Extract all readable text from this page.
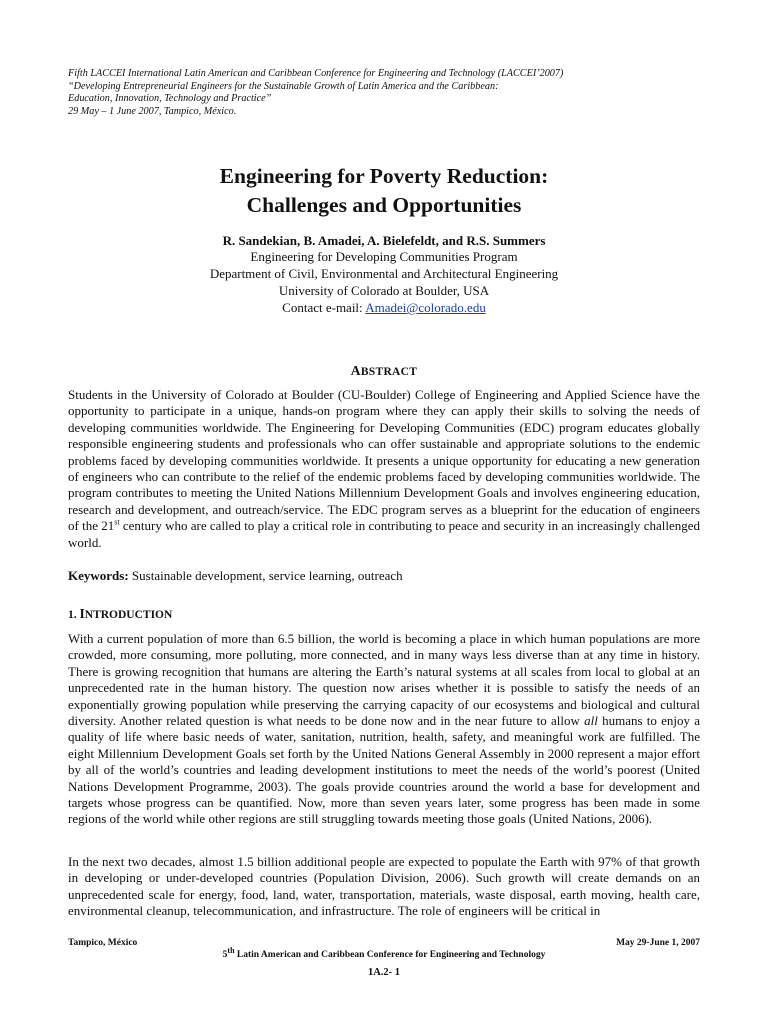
Fifth LACCEI International Latin American and Caribbean Conference for Engineering and Technology (LACCEI’2007)
“Developing Entrepreneurial Engineers for the Sustainable Growth of Latin America and the Caribbean:
Education, Innovation, Technology and Practice”
29 May – 1 June 2007, Tampico, México.
Engineering for Poverty Reduction:
Challenges and Opportunities
R. Sandekian, B. Amadei, A. Bielefeldt, and R.S. Summers
Engineering for Developing Communities Program
Department of Civil, Environmental and Architectural Engineering
University of Colorado at Boulder, USA
Contact e-mail: Amadei@colorado.edu
ABSTRACT
Students in the University of Colorado at Boulder (CU-Boulder) College of Engineering and Applied Science have the opportunity to participate in a unique, hands-on program where they can apply their skills to solving the needs of developing communities worldwide. The Engineering for Developing Communities (EDC) program educates globally responsible engineering students and professionals who can offer sustainable and appropriate solutions to the endemic problems faced by developing communities worldwide. It presents a unique opportunity for educating a new generation of engineers who can contribute to the relief of the endemic problems faced by developing communities worldwide. The program contributes to meeting the United Nations Millennium Development Goals and involves engineering education, research and development, and outreach/service. The EDC program serves as a blueprint for the education of engineers of the 21st century who are called to play a critical role in contributing to peace and security in an increasingly challenged world.
Keywords: Sustainable development, service learning, outreach
1. INTRODUCTION
With a current population of more than 6.5 billion, the world is becoming a place in which human populations are more crowded, more consuming, more polluting, more connected, and in many ways less diverse than at any time in history. There is growing recognition that humans are altering the Earth’s natural systems at all scales from local to global at an unprecedented rate in the human history. The question now arises whether it is possible to satisfy the needs of an exponentially growing population while preserving the carrying capacity of our ecosystems and biological and cultural diversity. Another related question is what needs to be done now and in the near future to allow all humans to enjoy a quality of life where basic needs of water, sanitation, nutrition, health, safety, and meaningful work are fulfilled. The eight Millennium Development Goals set forth by the United Nations General Assembly in 2000 represent a major effort by all of the world’s countries and leading development institutions to meet the needs of the world’s poorest (United Nations Development Programme, 2003). The goals provide countries around the world a base for development and targets whose progress can be quantified. Now, more than seven years later, some progress has been made in some regions of the world while other regions are still struggling towards meeting those goals (United Nations, 2006).
In the next two decades, almost 1.5 billion additional people are expected to populate the Earth with 97% of that growth in developing or under-developed countries (Population Division, 2006). Such growth will create demands on an unprecedented scale for energy, food, land, water, transportation, materials, waste disposal, earth moving, health care, environmental cleanup, telecommunication, and infrastructure. The role of engineers will be critical in
Tampico, México	May 29-June 1, 2007
5th Latin American and Caribbean Conference for Engineering and Technology
1A.2- 1
